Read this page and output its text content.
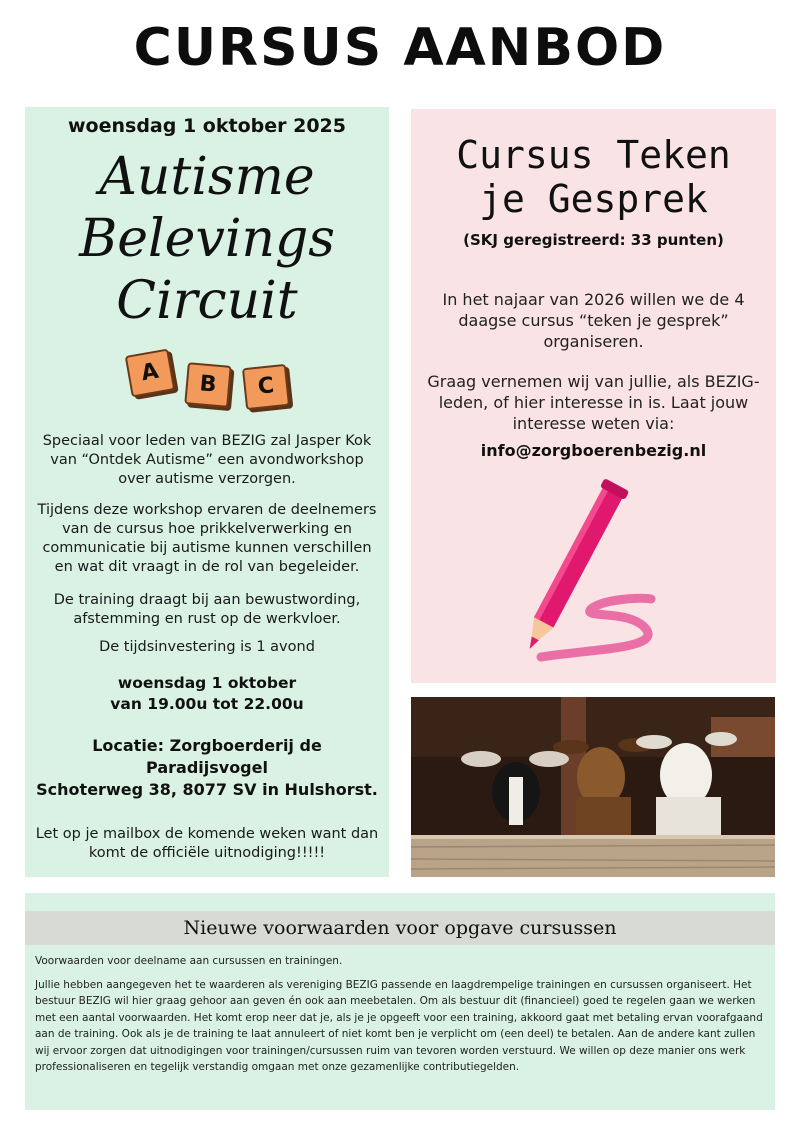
CURSUS AANBOD
woensdag 1 oktober 2025
Autisme
Belevings
Circuit
A	B	C
Speciaal voor leden van BEZIG zal Jasper Kok van “Ontdek Autisme” een avondworkshop over autisme verzorgen.
Tijdens deze workshop ervaren de deelnemers van de cursus hoe prikkelverwerking en communicatie bij autisme kunnen verschillen en wat dit vraagt in de rol van begeleider.
De training draagt bij aan bewustwording, afstemming en rust op de werkvloer.
De tijdsinvestering is 1 avond
woensdag 1 oktober
van 19.00u tot 22.00u
Locatie: Zorgboerderij de
Paradijsvogel
Schoterweg 38, 8077 SV in Hulshorst.
Let op je mailbox de komende weken want dan komt de officiële uitnodiging!!!!!
Cursus Teken
je Gesprek
(SKJ geregistreerd: 33 punten)
In het najaar van 2026 willen we de 4 daagse cursus “teken je gesprek” organiseren.
Graag vernemen wij van jullie, als BEZIG-leden, of hier interesse in is. Laat jouw interesse weten via:
info@zorgboerenbezig.nl
Nieuwe voorwaarden voor opgave cursussen
Voorwaarden voor deelname aan cursussen en trainingen.
Jullie hebben aangegeven het te waarderen als vereniging BEZIG passende en laagdrempelige trainingen en cursussen organiseert. Het bestuur BEZIG wil hier graag gehoor aan geven én ook aan meebetalen. Om als bestuur dit (financieel) goed te regelen gaan we werken met een aantal voorwaarden. Het komt erop neer dat je, als je je opgeeft voor een training, akkoord gaat met betaling ervan voorafgaand aan de training. Ook als je de training te laat annuleert of niet komt ben je verplicht om (een deel) te betalen. Aan de andere kant zullen wij ervoor zorgen dat uitnodigingen voor trainingen/cursussen ruim van tevoren worden verstuurd. We willen op deze manier ons werk professionaliseren en tegelijk verstandig omgaan met onze gezamenlijke contributiegelden.
